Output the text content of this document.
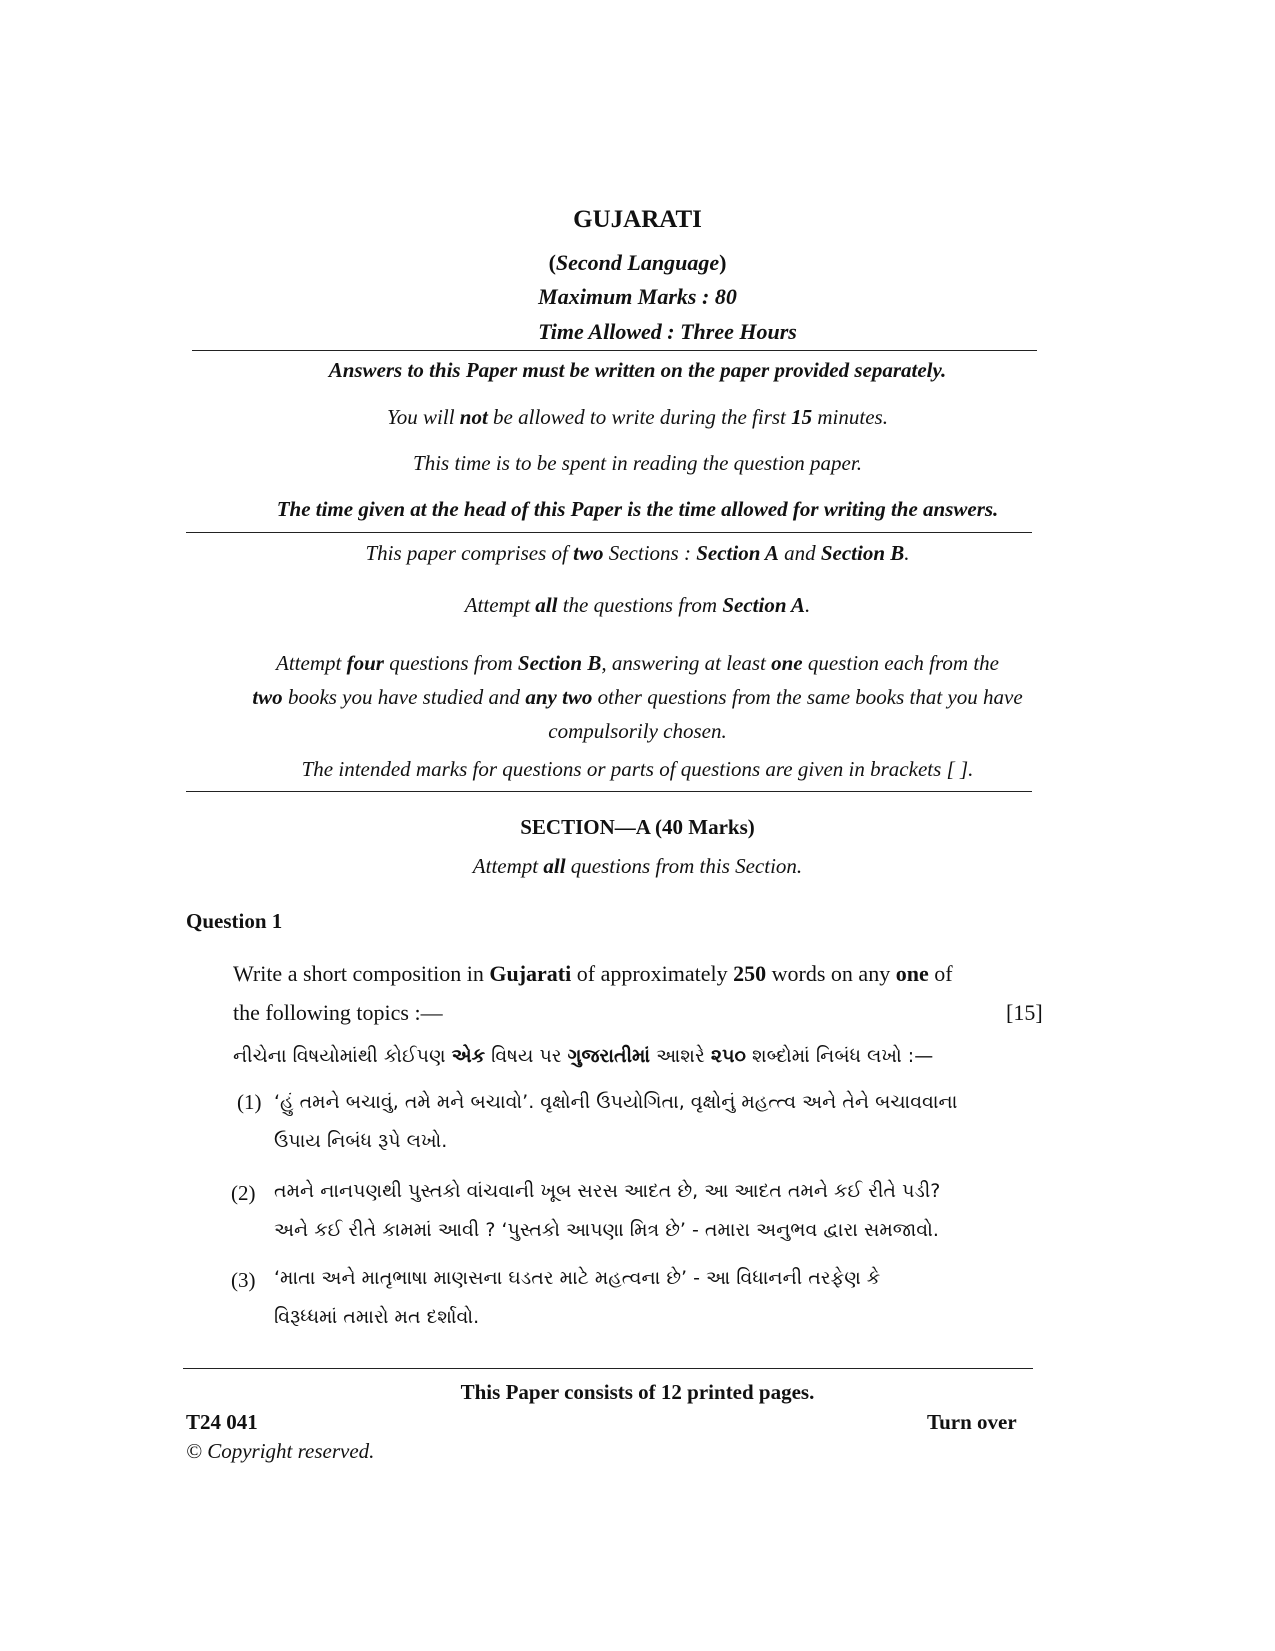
GUJARATI
(Second Language)
Maximum Marks : 80
Time Allowed : Three Hours
Answers to this Paper must be written on the paper provided separately.
You will not be allowed to write during the first 15 minutes.
This time is to be spent in reading the question paper.
The time given at the head of this Paper is the time allowed for writing the answers.
This paper comprises of two Sections : Section A and Section B.
Attempt all the questions from Section A.
Attempt four questions from Section B, answering at least one question each from the
two books you have studied and any two other questions from the same books that you have
compulsorily chosen.
The intended marks for questions or parts of questions are given in brackets [ ].
SECTION—A (40 Marks)
Attempt all questions from this Section.
Question 1
Write a short composition in Gujarati of approximately 250 words on any one of
the following topics :—	[15]
નીચેના વિષયોમાંથી કોઈપણ એક વિષય પર ગુજરાતીમાં આશરે ૨૫૦ શબ્દોમાં નિબંધ લખો :—
(1) ‘હું તમને બચાવું, તમે મને બચાવો’. વૃક્ષોની ઉપયોગિતા, વૃક્ષોનું મહત્ત્વ અને તેને બચાવવાના
ઉપાય નિબંધ રૂપે લખો.
(2) તમને નાનપણથી પુસ્તકો વાંચવાની ખૂબ સરસ આદત છે, આ આદત તમને કઈ રીતે પડી?
અને કઈ રીતે કામમાં આવી ? ‘પુસ્તકો આપણા મિત્ર છે’ - તમારા અનુભવ દ્વારા સમજાવો.
(3) ‘માતા અને માતૃભાષા માણસના ઘડતર માટે મહત્વના છે’ - આ વિધાનની તરફેણ કે
વિરૂધ્ધમાં તમારો મત દર્શાવો.
This Paper consists of 12 printed pages.
T24 041	Turn over
© Copyright reserved.
